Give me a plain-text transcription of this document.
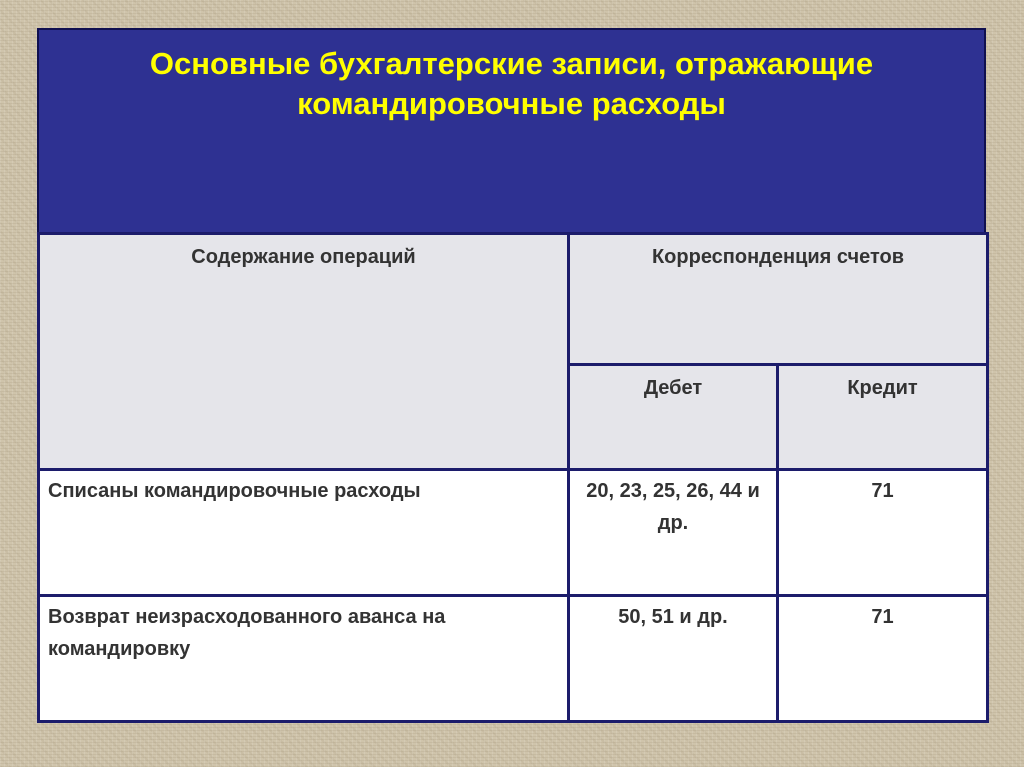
Основные бухгалтерские записи, отражающие
командировочные расходы
Содержание операций	Корреспонденция счетов	
	Дебет	Кредит
Списаны командировочные расходы	20, 23, 25, 26, 44 и др.	71
Возврат неизрасходованного аванса на командировку	50, 51 и др.	71
